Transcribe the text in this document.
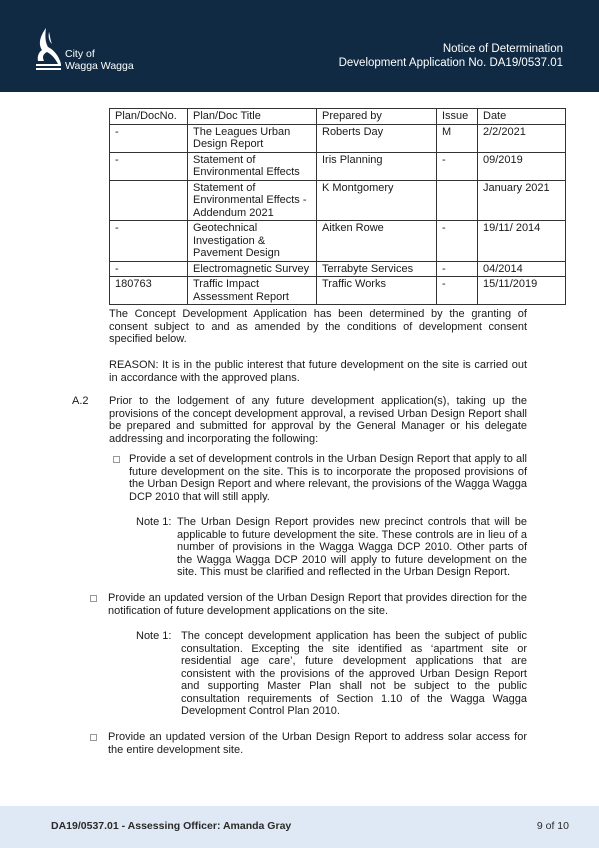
City of
Wagga Wagga
Notice of Determination
Development Application No. DA19/0537.01
Plan/DocNo.	Plan/Doc Title	Prepared by	Issue	Date
-	The Leagues Urban Design Report	Roberts Day	M	2/2/2021
-	Statement of Environmental Effects	Iris Planning	-	09/2019
	Statement of Environmental Effects - Addendum 2021	K Montgomery		January 2021
-	Geotechnical Investigation & Pavement Design	Aitken Rowe	-	19/11/ 2014
-	Electromagnetic Survey	Terrabyte Services	-	04/2014
180763	Traffic Impact Assessment Report	Traffic Works	-	15/11/2019

The Concept Development Application has been determined by the granting of consent subject to and as amended by the conditions of development consent specified below.

REASON: It is in the public interest that future development on the site is carried out in accordance with the approved plans.

A.2 Prior to the lodgement of any future development application(s), taking up the provisions of the concept development approval, a revised Urban Design Report shall be prepared and submitted for approval by the General Manager or his delegate addressing and incorporating the following:

Provide a set of development controls in the Urban Design Report that apply to all future development on the site. This is to incorporate the proposed provisions of the Urban Design Report and where relevant, the provisions of the Wagga Wagga DCP 2010 that will still apply.
Note 1: The Urban Design Report provides new precinct controls that will be applicable to future development the site. These controls are in lieu of a number of provisions in the Wagga Wagga DCP 2010. Other parts of the Wagga Wagga DCP 2010 will apply to future development on the site. This must be clarified and reflected in the Urban Design Report.
Provide an updated version of the Urban Design Report that provides direction for the notification of future development applications on the site.
Note 1: The concept development application has been the subject of public consultation. Excepting the site identified as ‘apartment site or residential age care’, future development applications that are consistent with the provisions of the approved Urban Design Report and supporting Master Plan shall not be subject to the public consultation requirements of Section 1.10 of the Wagga Wagga Development Control Plan 2010.
Provide an updated version of the Urban Design Report to address solar access for the entire development site.
DA19/0537.01 - Assessing Officer: Amanda Gray	9 of 10
